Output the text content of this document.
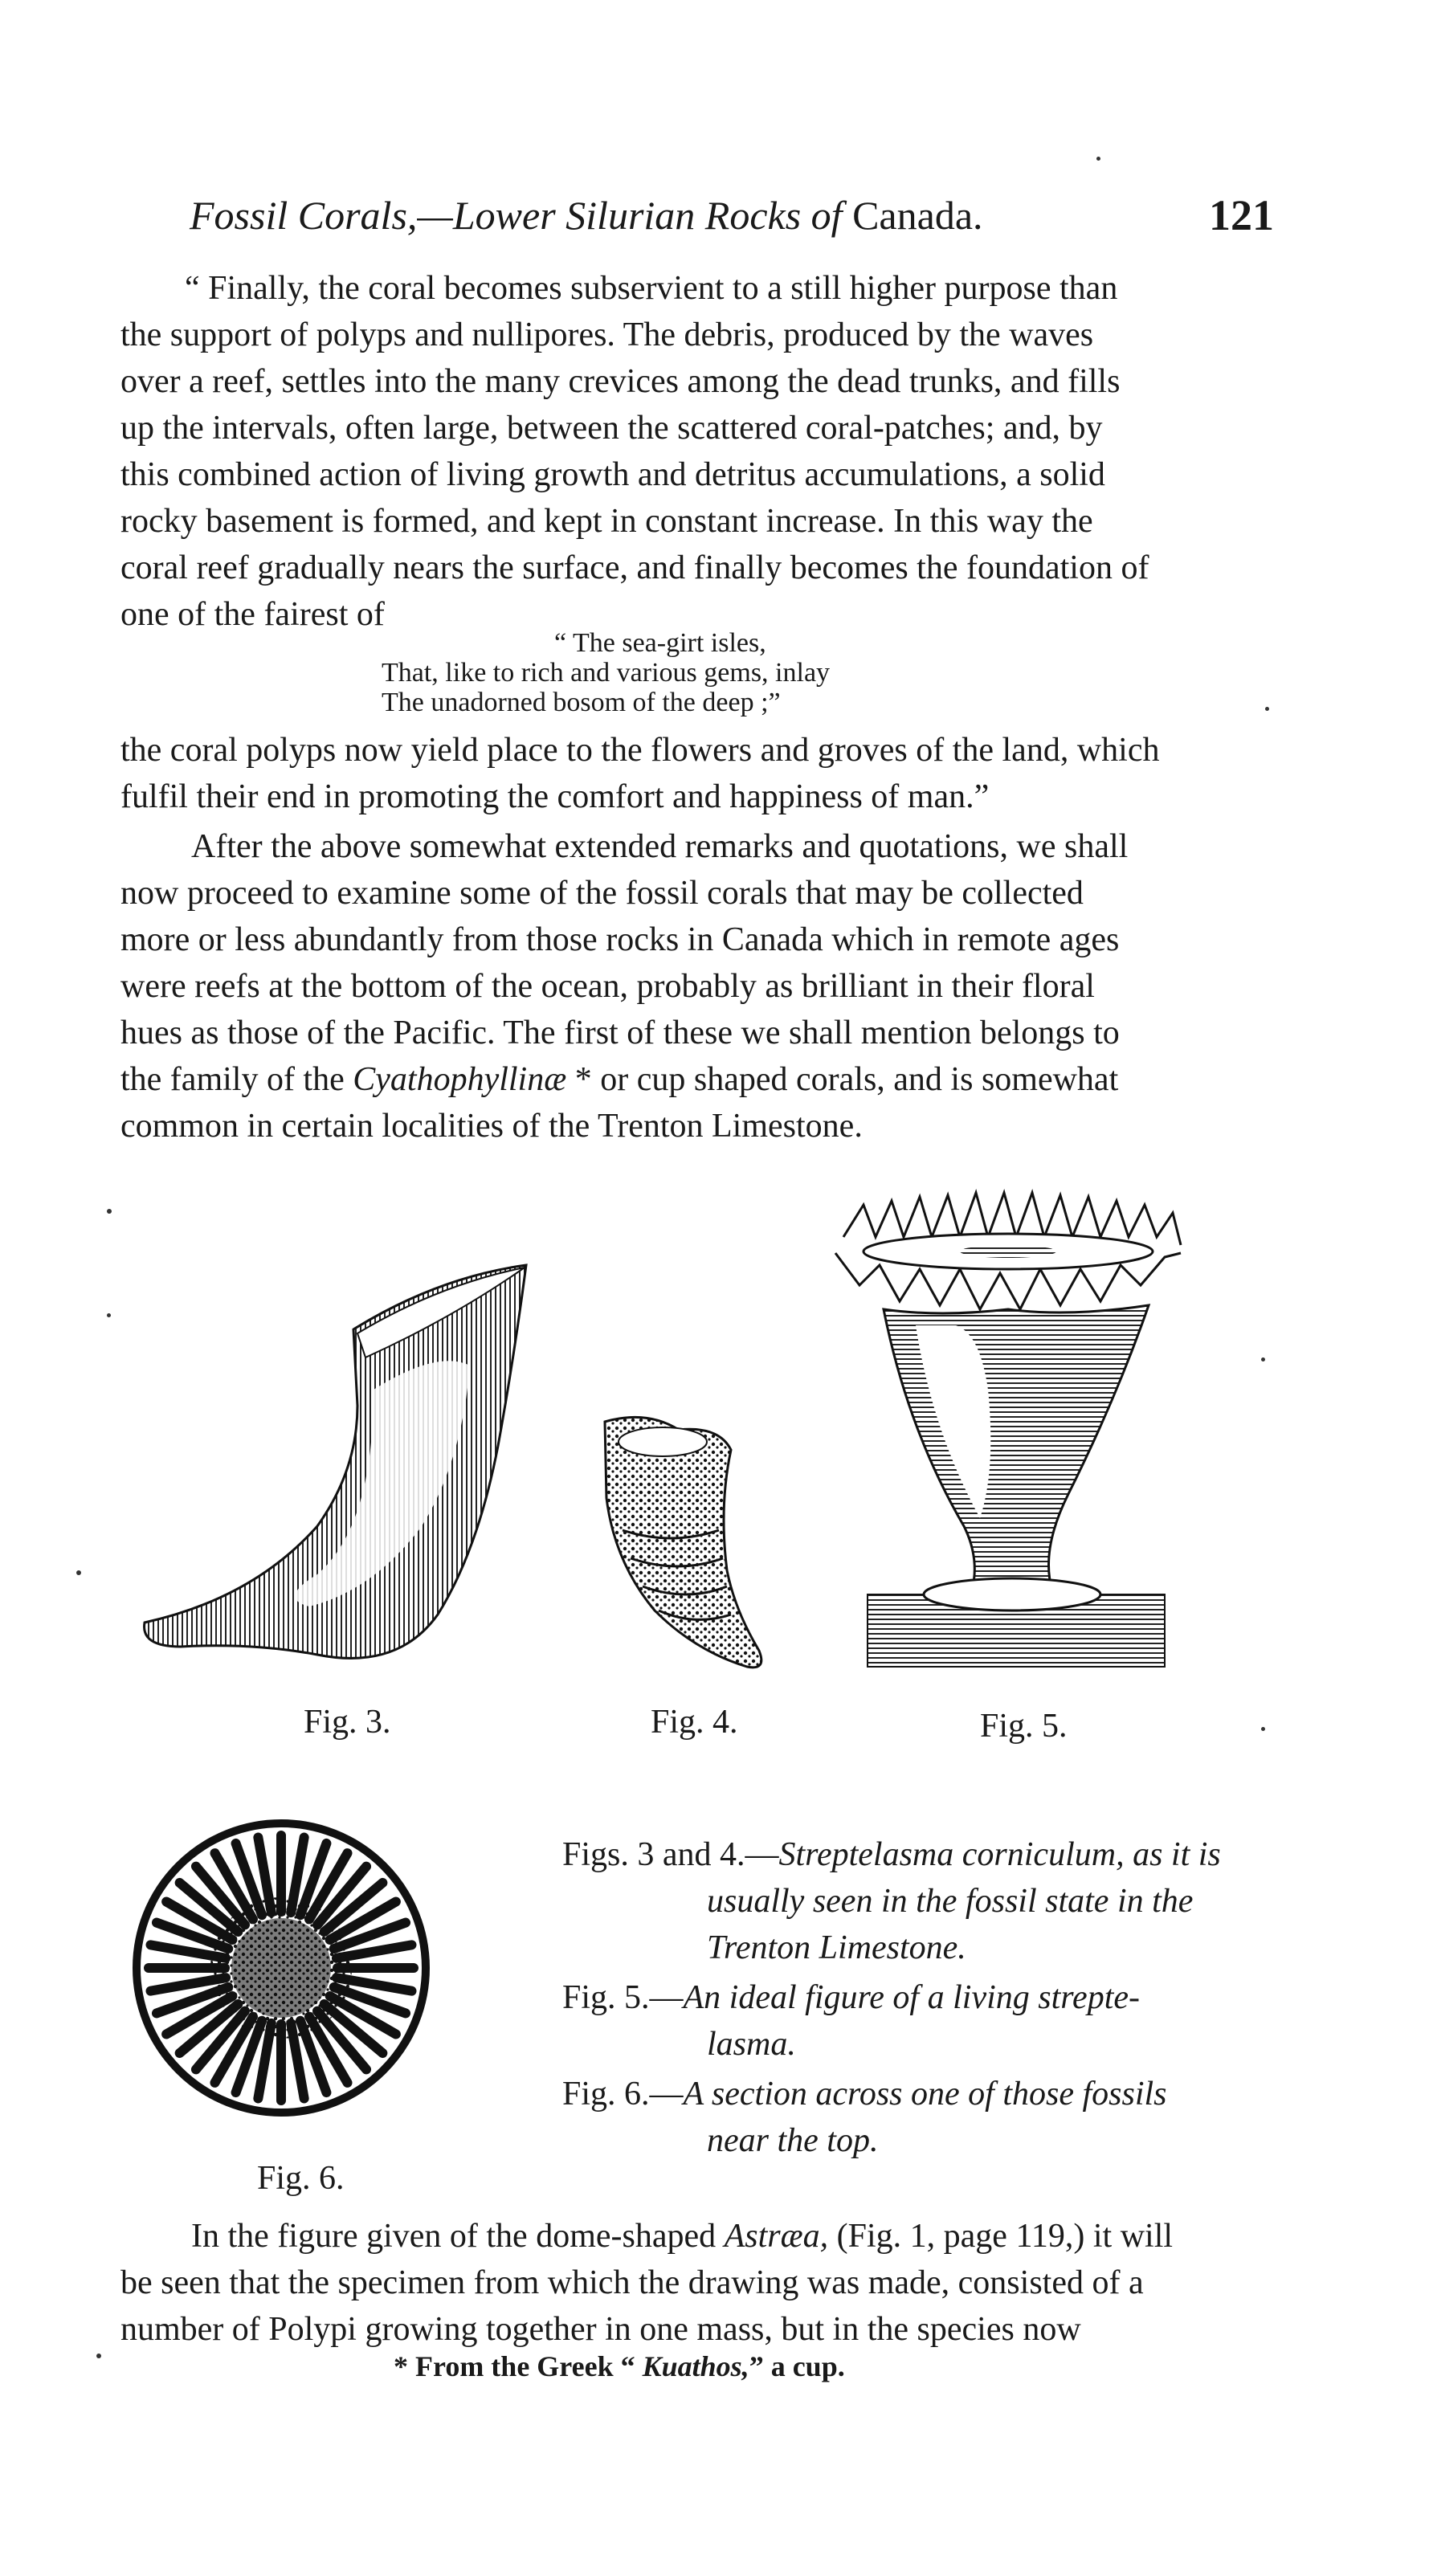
Fossil Corals,—Lower Silurian Rocks of Canada.	121

“ Finally, the coral becomes subservient to a still higher purpose than

the support of polyps and nullipores. The debris, produced by the waves

over a reef, settles into the many crevices among the dead trunks, and fills

up the intervals, often large, between the scattered coral-patches; and, by

this combined action of living growth and detritus accumulations, a solid

rocky basement is formed, and kept in constant increase. In this way the

coral reef gradually nears the surface, and finally becomes the foundation of

one of the fairest of

“ The sea-girt isles,
That, like to rich and various gems, inlay
The unadorned bosom of the deep ;”

the coral polyps now yield place to the flowers and groves of the land, which

fulfil their end in promoting the comfort and happiness of man.”

After the above somewhat extended remarks and quotations, we shall

now proceed to examine some of the fossil corals that may be collected

more or less abundantly from those rocks in Canada which in remote ages

were reefs at the bottom of the ocean, probably as brilliant in their floral

hues as those of the Pacific. The first of these we shall mention belongs to

the family of the Cyathophyllinæ * or cup shaped corals, and is somewhat

common in certain localities of the Trenton Limestone.

Fig. 3.	Fig. 4.	Fig. 5.
Fig. 6.
Figs. 3 and 4.—Streptelasma corniculum, as it is
usually seen in the fossil state in the
Trenton Limestone.
Fig. 5.—An ideal figure of a living strepte-
lasma.
Fig. 6.—A section across one of those fossils
near the top.

In the figure given of the dome-shaped Astræa, (Fig. 1, page 119,) it will

be seen that the specimen from which the drawing was made, consisted of a

number of Polypi growing together in one mass, but in the species now

* From the Greek “ Kuathos,” a cup.
